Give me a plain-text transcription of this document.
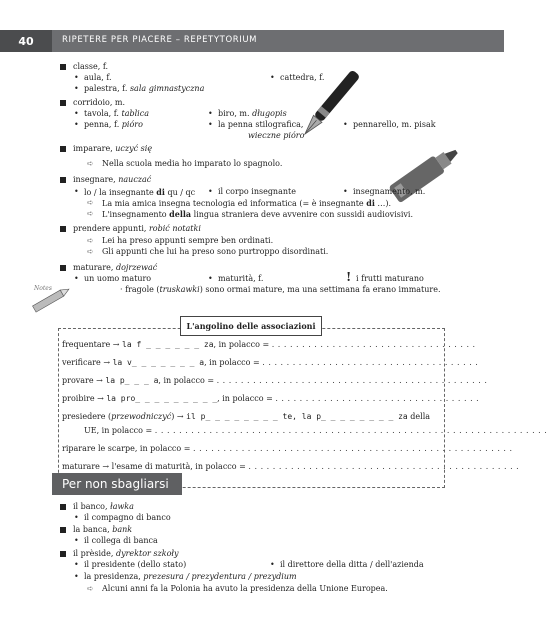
40	RIPETERE PER PIACERE – REPETYTORIUM
Notes
classe, f.
• aula, f.	• cattedra, f.
• palestra, f. sala gimnastyczna
corridoio, m.
• tavola, f. tablica	• biro, m. długopis
• penna, f. pióro	• la penna stilografica,
wieczne pióro
• pennarello, m. pisak
imparare, uczyć się
➪ Nella scuola media ho imparato lo spagnolo.
insegnare, nauczać
• lo / la insegnante di qu / qc	• il corpo insegnante	• insegnamento, m.
➪ La mia amica insegna tecnologia ed informatica (= è insegnante di …).
➪ L'insegnamento della lingua straniera deve avvenire con sussidi audiovisivi.
prendere appunti, robić notatki
➪ Lei ha preso appunti sempre ben ordinati.
➪ Gli appunti che lui ha preso sono purtroppo disordinati.
maturare, dojrzewać
• un uomo maturo	• maturità, f.	! i frutti maturano
· fragole (truskawki) sono ormai mature, ma una settimana fa erano immature.
L'angolino delle associazioni
frequentare → la f _ _ _ _ _ _ za, in polacco = . . . . . . . . . . . . . . . . . . . . . . . . . . . . . . . . . .
verificare → la v_ _ _ _ _ _ _ a, in polacco = . . . . . . . . . . . . . . . . . . . . . . . . . . . . . . . . . . . .
provare → la p_ _ _ a, in polacco = . . . . . . . . . . . . . . . . . . . . . . . . . . . . . . . . . . . . . . . . . . . . .
proibire → la pro_ _ _ _ _ _ _ _ _, in polacco = . . . . . . . . . . . . . . . . . . . . . . . . . . . . . . . . . .
presiedere (przewodniczyć) → il p_ _ _ _ _ _ _ _ te, la p_ _ _ _ _ _ _ _ za della
UE, in polacco = . . . . . . . . . . . . . . . . . . . . . . . . . . . . . . . . . . . . . . . . . . . . . . . . . . . . . . . . . . . . . . . . .
riparare le scarpe, in polacco = . . . . . . . . . . . . . . . . . . . . . . . . . . . . . . . . . . . . . . . . . . . . . . . . . . . . .
maturare → l'esame di maturità, in polacco = . . . . . . . . . . . . . . . . . . . . . . . . . . . . . . . . . . . . . . . . . . . . .
Per non sbagliarsi
il banco, ławka
• il compagno di banco
la banca, bank
• il collega di banca
il prèside, dyrektor szkoły
• il presidente (dello stato)	• il direttore della ditta / dell'azienda
• la presidenza, prezesura / prezydentura / prezydium
➪ Alcuni anni fa la Polonia ha avuto la presidenza della Unione Europea.
